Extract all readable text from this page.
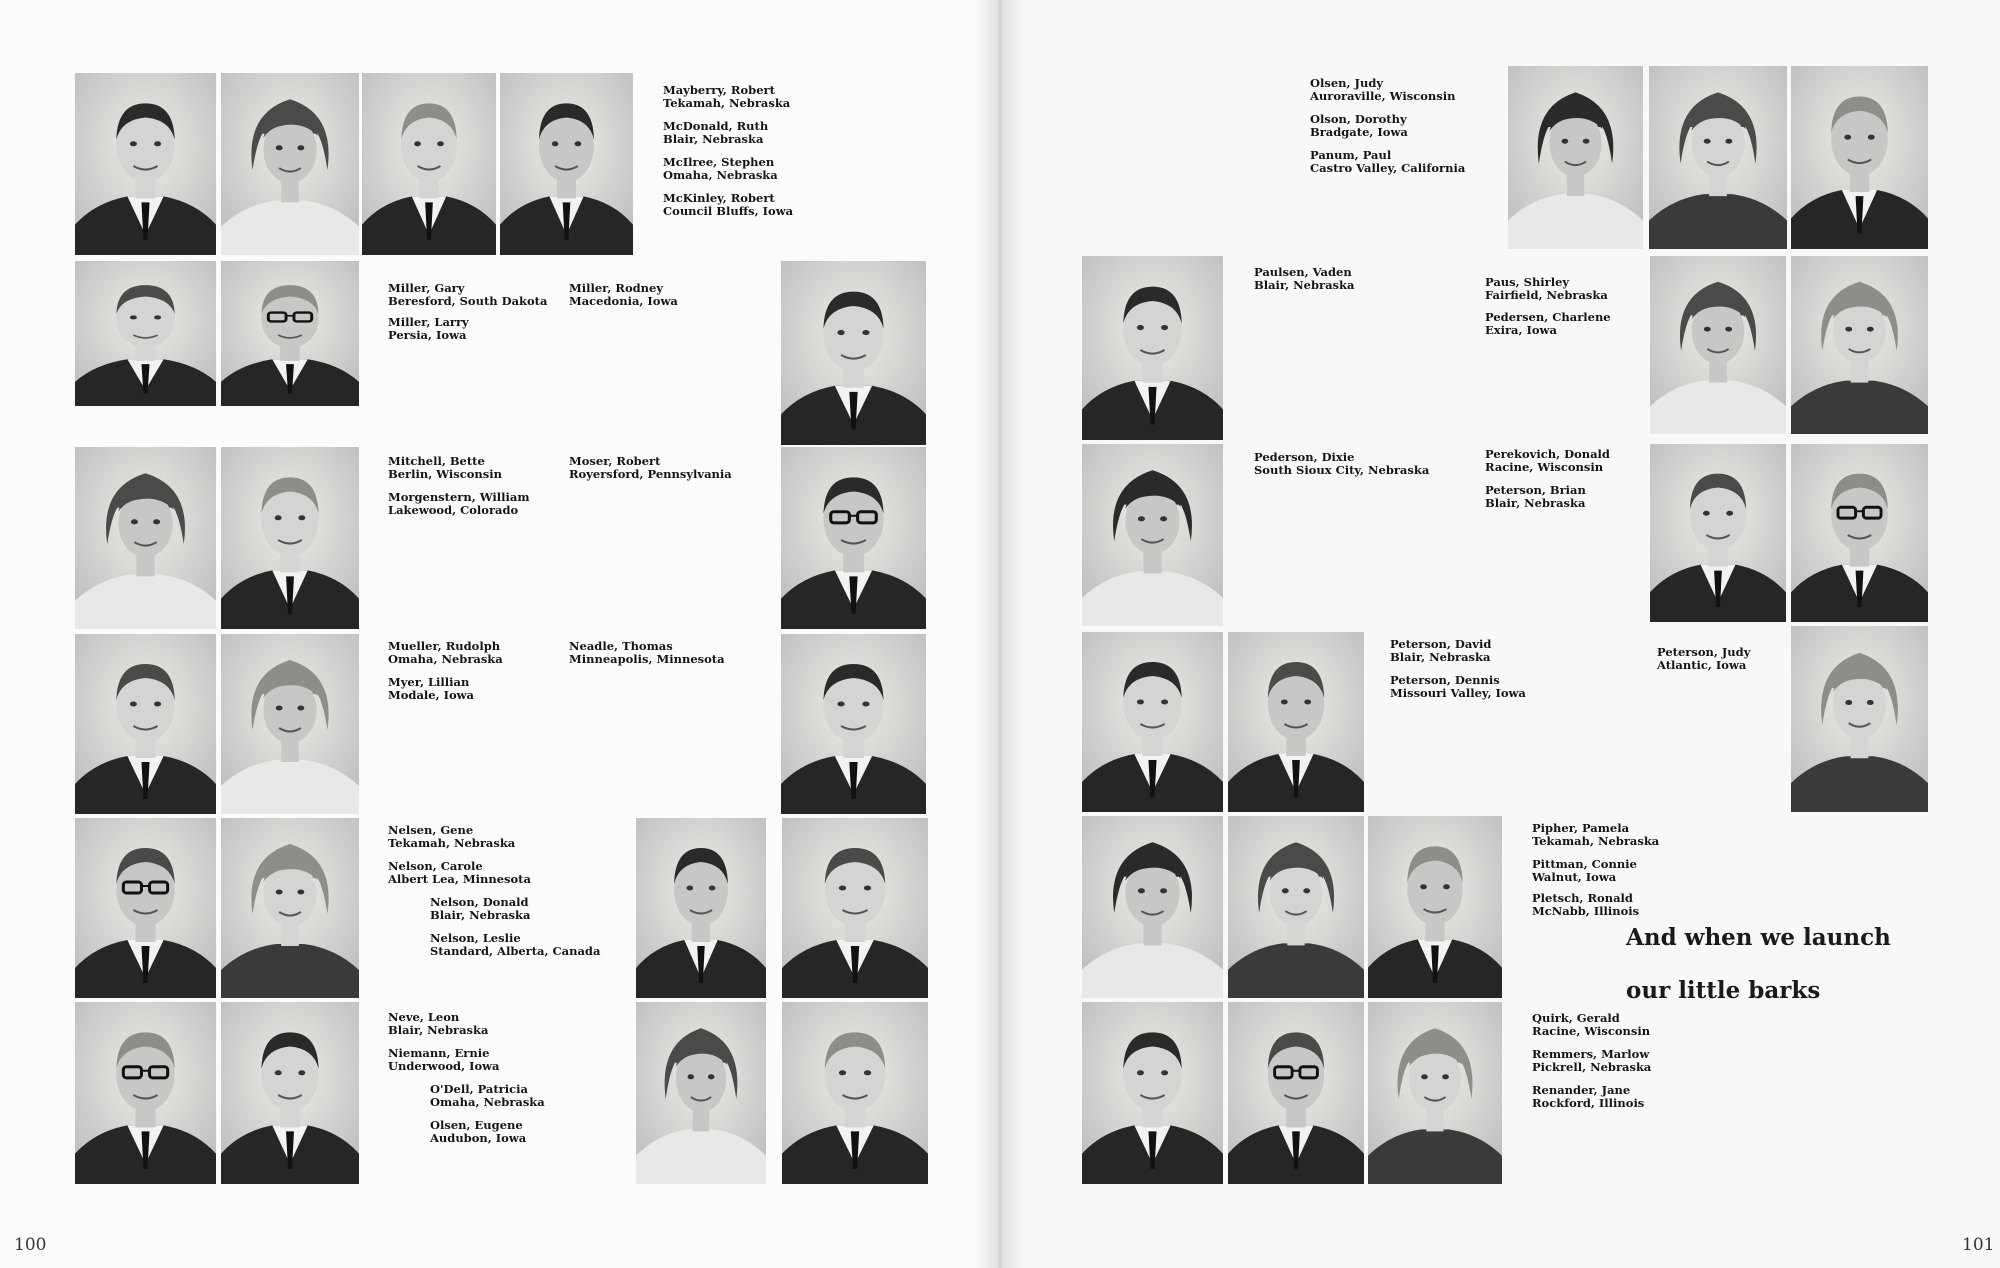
Mayberry, Robert
Tekamah, Nebraska
McDonald, Ruth
Blair, Nebraska
McIlree, Stephen
Omaha, Nebraska
McKinley, Robert
Council Bluffs, Iowa
Miller, Gary
Beresford, South Dakota
Miller, Larry
Persia, Iowa
Miller, Rodney
Macedonia, Iowa
Mitchell, Bette
Berlin, Wisconsin
Morgenstern, William
Lakewood, Colorado
Moser, Robert
Royersford, Pennsylvania
Mueller, Rudolph
Omaha, Nebraska
Myer, Lillian
Modale, Iowa
Neadle, Thomas
Minneapolis, Minnesota
Nelsen, Gene
Tekamah, Nebraska
Nelson, Carole
Albert Lea, Minnesota
Nelson, Donald
Blair, Nebraska
Nelson, Leslie
Standard, Alberta, Canada
Neve, Leon
Blair, Nebraska
Niemann, Ernie
Underwood, Iowa
O'Dell, Patricia
Omaha, Nebraska
Olsen, Eugene
Audubon, Iowa
Olsen, Judy
Auroraville, Wisconsin
Olson, Dorothy
Bradgate, Iowa
Panum, Paul
Castro Valley, California
Paulsen, Vaden
Blair, Nebraska	Paus, Shirley
Fairfield, Nebraska
Pedersen, Charlene
Exira, Iowa
Pederson, Dixie
South Sioux City, Nebraska
Perekovich, Donald
Racine, Wisconsin
Peterson, Brian
Blair, Nebraska
Peterson, David
Blair, Nebraska
Peterson, Dennis
Missouri Valley, Iowa
Peterson, Judy
Atlantic, Iowa
Pipher, Pamela
Tekamah, Nebraska
Pittman, Connie
Walnut, Iowa
Pletsch, Ronald
McNabb, Illinois
Quirk, Gerald
Racine, Wisconsin
Remmers, Marlow
Pickrell, Nebraska
Renander, Jane
Rockford, Illinois
And when we launch
our little barks
100	101
